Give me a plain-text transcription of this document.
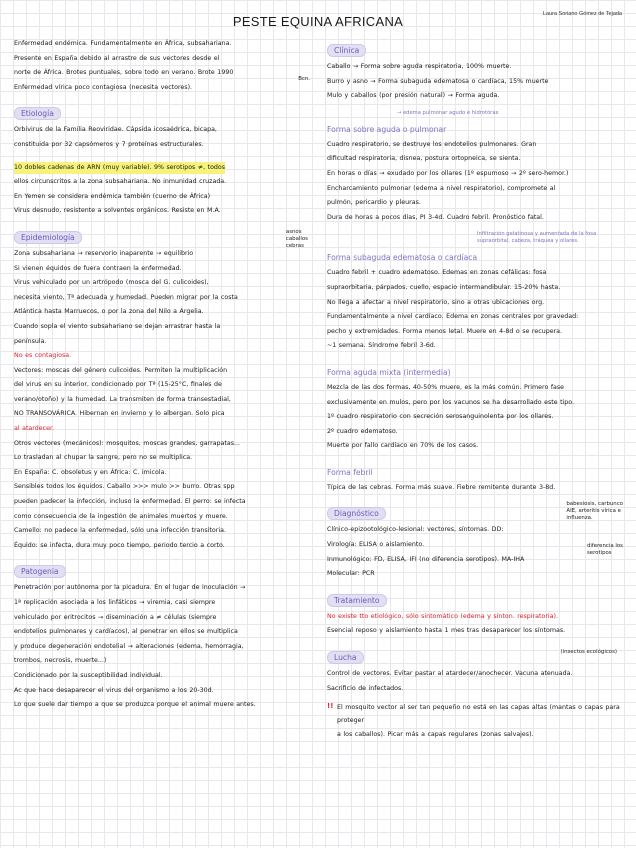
PESTE EQUINA AFRICANA	Laura Soriano Gómez de Tejada

Enfermedad endémica. Fundamentalmente en África, subsahariana.

Presente en España debido al arrastre de sus vectores desde el

norte de África. Brotes puntuales, sobre todo en verano. Brote 1990

Enfermedad vírica poco contagiosa (necesita vectores).

Bcn.
Etiología

Orbivirus de la Familia Reoviridae. Cápsida icosaédrica, bicapa,

constituida por 32 capsómeros y 7 proteínas estructurales.

10 dobles cadenas de ARN (muy variable). 9% serotipos ≠, todos

ellos circunscritos a la zona subsahariana. No inmunidad cruzada.

En Yemen se considera endémica también (cuerno de África)

Virus desnudo, resistente a solventes orgánicos. Resiste en M.A.

Epidemiología
asnos
caballos
cebras

Zona subsahariana → reservorio inaparente → equilibrio

Si vienen équidos de fuera contraen la enfermedad.

Virus vehiculado por un artrópodo (mosca del G. culicoides),

necesita viento, Tª adecuada y humedad. Pueden migrar por la costa

Atlántica hasta Marruecos, o por la zona del Nilo a Argelia.

Cuando sopla el viento subsahariano se dejan arrastrar hasta la

península.

No es contagiosa.

Vectores: moscas del género culicoides. Permiten la multiplicación

del virus en su interior, condicionado por Tª (15-25°C, finales de

verano/otoño) y la humedad. La transmiten de forma transestadial,

NO TRANSOVÁRICA. Hibernan en invierno y lo albergan. Solo pica

al atardecer.

Otros vectores (mecánicos): mosquitos, moscas grandes, garrapatas...

Lo trasladan al chupar la sangre, pero no se multiplica.

En España: C. obsoletus y en África: C. imicola.

Sensibles todos los équidos. Caballo >>> mulo >> burro. Otras spp

pueden padecer la infección, incluso la enfermedad. El perro: se infecta

como consecuencia de la ingestión de animales muertos y muere.

Camello: no padece la enfermedad, sólo una infección transitoria.

Équido: se infecta, dura muy poco tiempo, periodo tercio a corto.

Patogenia

Penetración por autónoma por la picadura. En el lugar de inoculación →

1ª replicación asociada a los linfáticos → viremia, casi siempre

vehiculado por eritrocitos → diseminación a ≠ células (siempre

endotelios pulmonares y cardíacos), al penetrar en ellos se multiplica

y produce degeneración endotelial → alteraciones (edema, hemorragia,

trombos, necrosis, muerte...)

Condicionado por la susceptibilidad individual.

Ac que hace desaparecer el virus del organismo a los 20-30d.

Lo que suele dar tiempo a que se produzca porque el animal muere antes.

Clínica

Caballo → Forma sobre aguda respiratoria, 100% muerte.

Burro y asno → Forma subaguda edematosa o cardíaca, 15% muerte

Mulo y caballos (por presión natural) → Forma aguda.

→ edema pulmonar agudo e hidrotórax
Forma sobre aguda o pulmonar

Cuadro respiratorio, se destruye los endotelios pulmonares. Gran

dificultad respiratoria, disnea, postura ortopneica, se sienta.

En horas o días → exudado por los ollares (1º espumoso → 2º sero-hemor.)

Encharcamiento pulmonar (edema a nivel respiratorio), compromete al

pulmón, pericardio y pleuras.

Dura de horas a pocos días, PI 3-4d. Cuadro febril. Pronóstico fatal.

Infiltración gelatinosa y aumentada de la fosa supraorbital, cabeza, tráquea y ollares.
Forma subaguda edematosa o cardíaca

Cuadro febril + cuadro edematoso. Edemas en zonas cefálicas: fosa

supraorbitaria, párpados, cuello, espacio intermandibular. 15-20% hasta.

No llega a afectar a nivel respiratorio, sino a otras ubicaciones org.

Fundamentalmente a nivel cardíaco. Edema en zonas centrales por gravedad:

pecho y extremidades. Forma menos letal. Muere en 4-8d o se recupera.

~1 semana. Síndrome febril 3-6d.

Forma aguda mixta (intermedia)

Mezcla de las dos formas, 40-50% muere, es la más común. Primero fase

exclusivamente en mulos, pero por los vacunos se ha desarrollado este tipo.

1º cuadro respiratorio con secreción serosanguinolenta por los ollares.

2º cuadro edematoso.

Muerte por fallo cardíaco en 70% de los casos.

Forma febril

Típica de las cebras. Forma más suave. Fiebre remitente durante 3-8d.

Diagnóstico
babesiosis, carbunco
AIE, arteritis vírica e
influenza.

Clínico-epizootológico-lesional: vectores, síntomas. DD:

Virología: ELISA o aislamiento.

Inmunológico: FD, ELISA, IFI (no diferencia serotipos). MA-IHA

Molecular: PCR

diferencia los
serotipos
Tratamiento

No existe tto etiológico, sólo sintomático (edema y sínton. respiratoria).

Esencial reposo y aislamiento hasta 1 mes tras desaparecer los síntomas.

Lucha
(insectos ecológicos)

Control de vectores. Evitar pastar al atardecer/anochecer. Vacuna atenuada.

Sacrificio de infectados.

!! El mosquito vector al ser tan pequeño no está en las capas altas (mantas o capas para proteger

a los caballos). Picar más a capas regulares (zonas salvajes).
